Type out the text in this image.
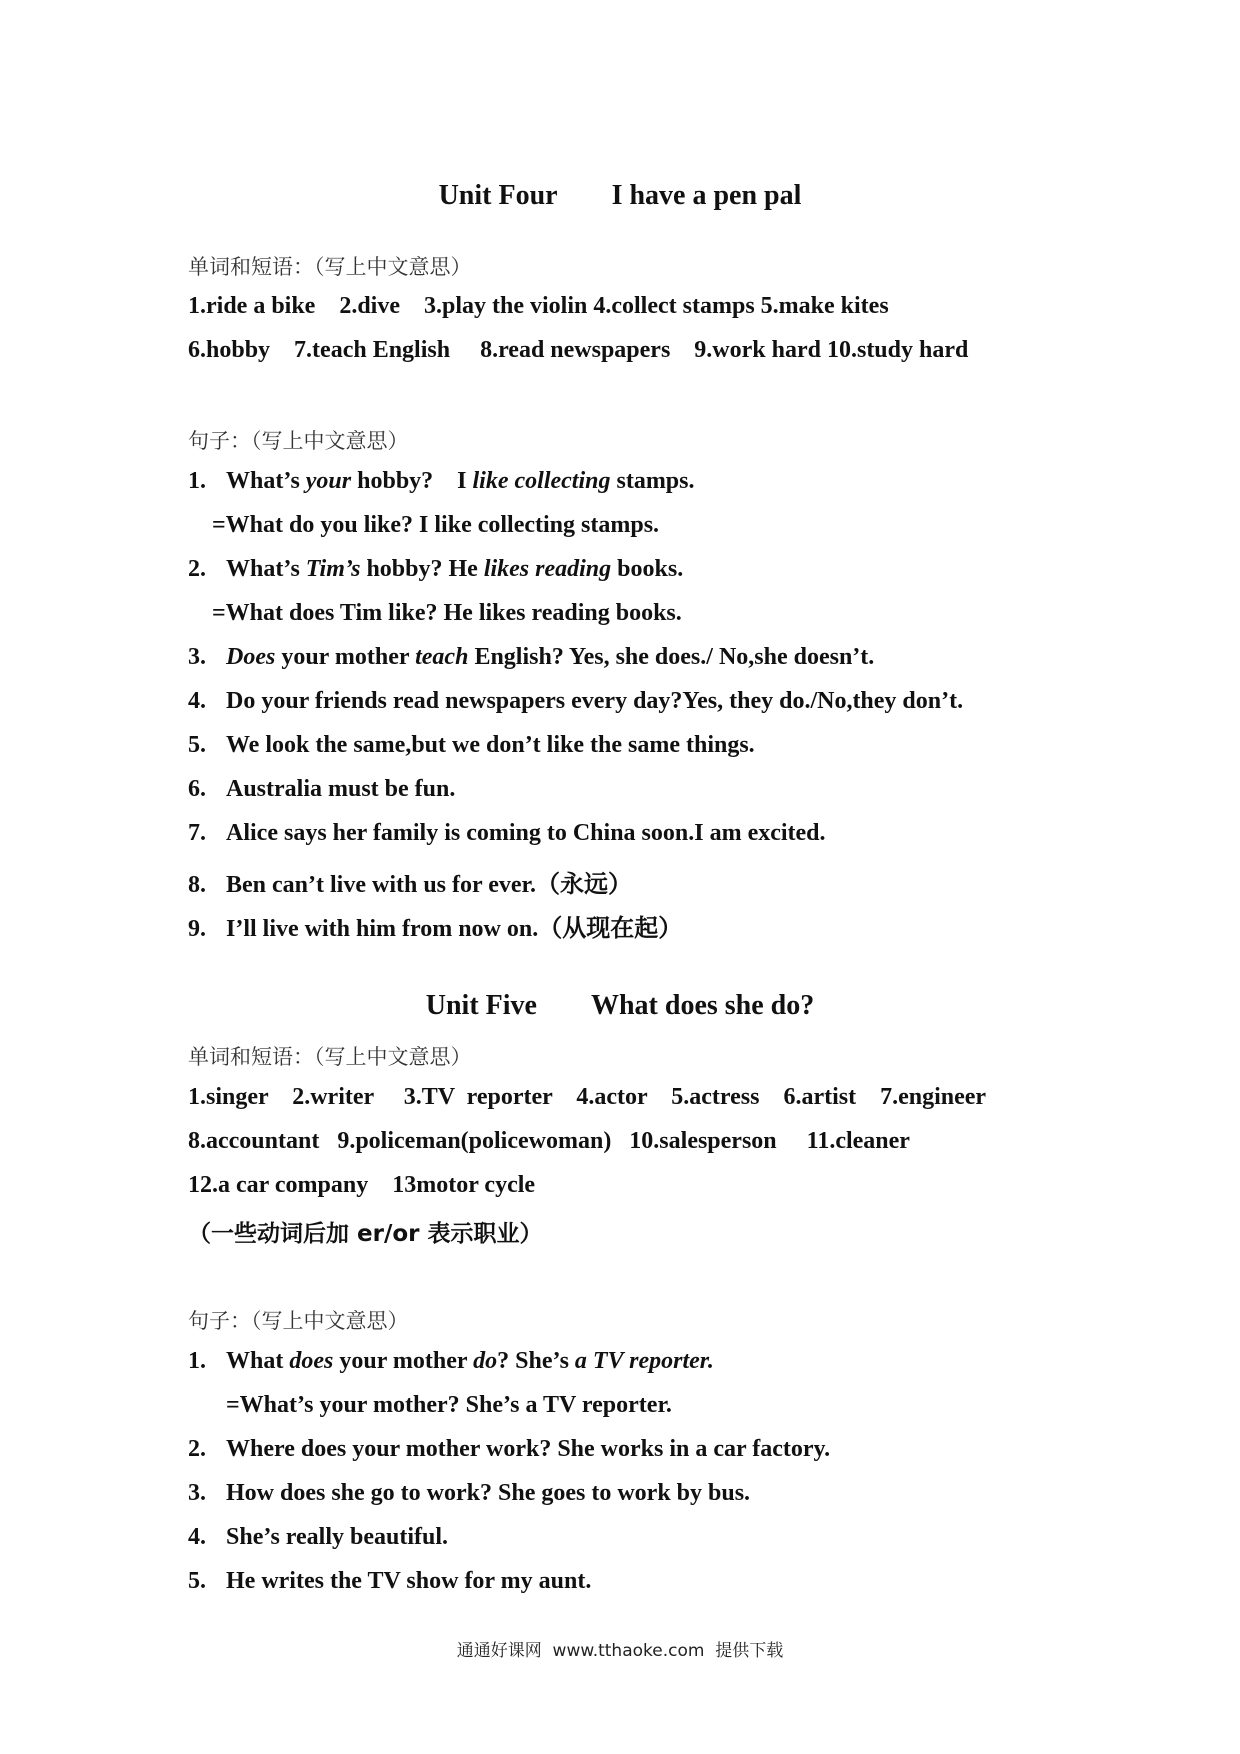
Unit Four I have a pen pal
单词和短语：（写上中文意思）
1.ride a bike    2.dive    3.play the violin 4.collect stamps 5.make kites
6.hobby    7.teach English     8.read newspapers    9.work hard 10.study hard
句子：（写上中文意思）
1. What’s your hobby?    I like collecting stamps.
=What do you like? I like collecting stamps.
2. What’s Tim’s hobby? He likes reading books.
=What does Tim like? He likes reading books.
3. Does your mother teach English? Yes, she does./ No,she doesn’t.
4. Do your friends read newspapers every day?Yes, they do./No,they don’t.
5. We look the same,but we don’t like the same things.
6. Australia must be fun.
7. Alice says her family is coming to China soon.I am excited.
8. Ben can’t live with us for ever.（永远）
9. I’ll live with him from now on.（从现在起）
Unit Five What does she do?
单词和短语：（写上中文意思）
1.singer    2.writer     3.TV  reporter    4.actor    5.actress    6.artist    7.engineer
8.accountant   9.policeman(policewoman)   10.salesperson     11.cleaner
12.a car company    13motor cycle
（一些动词后加 er/or 表示职业）
句子：（写上中文意思）
1. What does your mother do? She’s a TV reporter.
=What’s your mother? She’s a TV reporter.
2. Where does your mother work? She works in a car factory.
3. How does she go to work? She goes to work by bus.
4. She’s really beautiful.
5. He writes the TV show for my aunt.
通通好课网  www.tthaoke.com  提供下载
